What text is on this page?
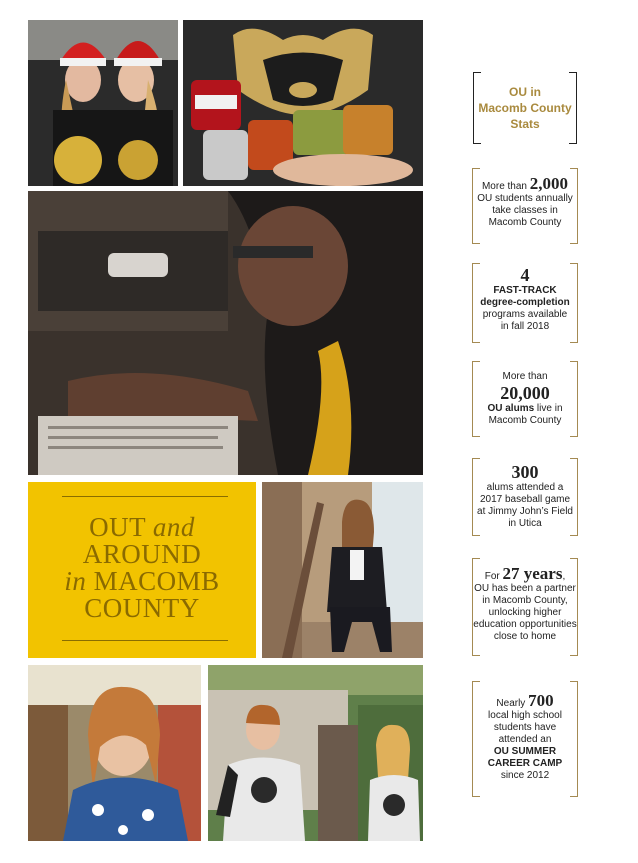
OUT and
AROUND
in MACOMB
COUNTY
OU in
Macomb County
Stats
More than 2,000
OU students annually
take classes in
Macomb County
4
FAST-TRACK
degree-completion
programs available
in fall 2018
More than
20,000
OU alums live in
Macomb County
300
alums attended a
2017 baseball game
at Jimmy John’s Field
in Utica
For 27 years,
OU has been a partner
in Macomb County,
unlocking higher
education opportunities
close to home
Nearly 700
local high school
students have
attended an
OU SUMMER
CAREER CAMP
since 2012
